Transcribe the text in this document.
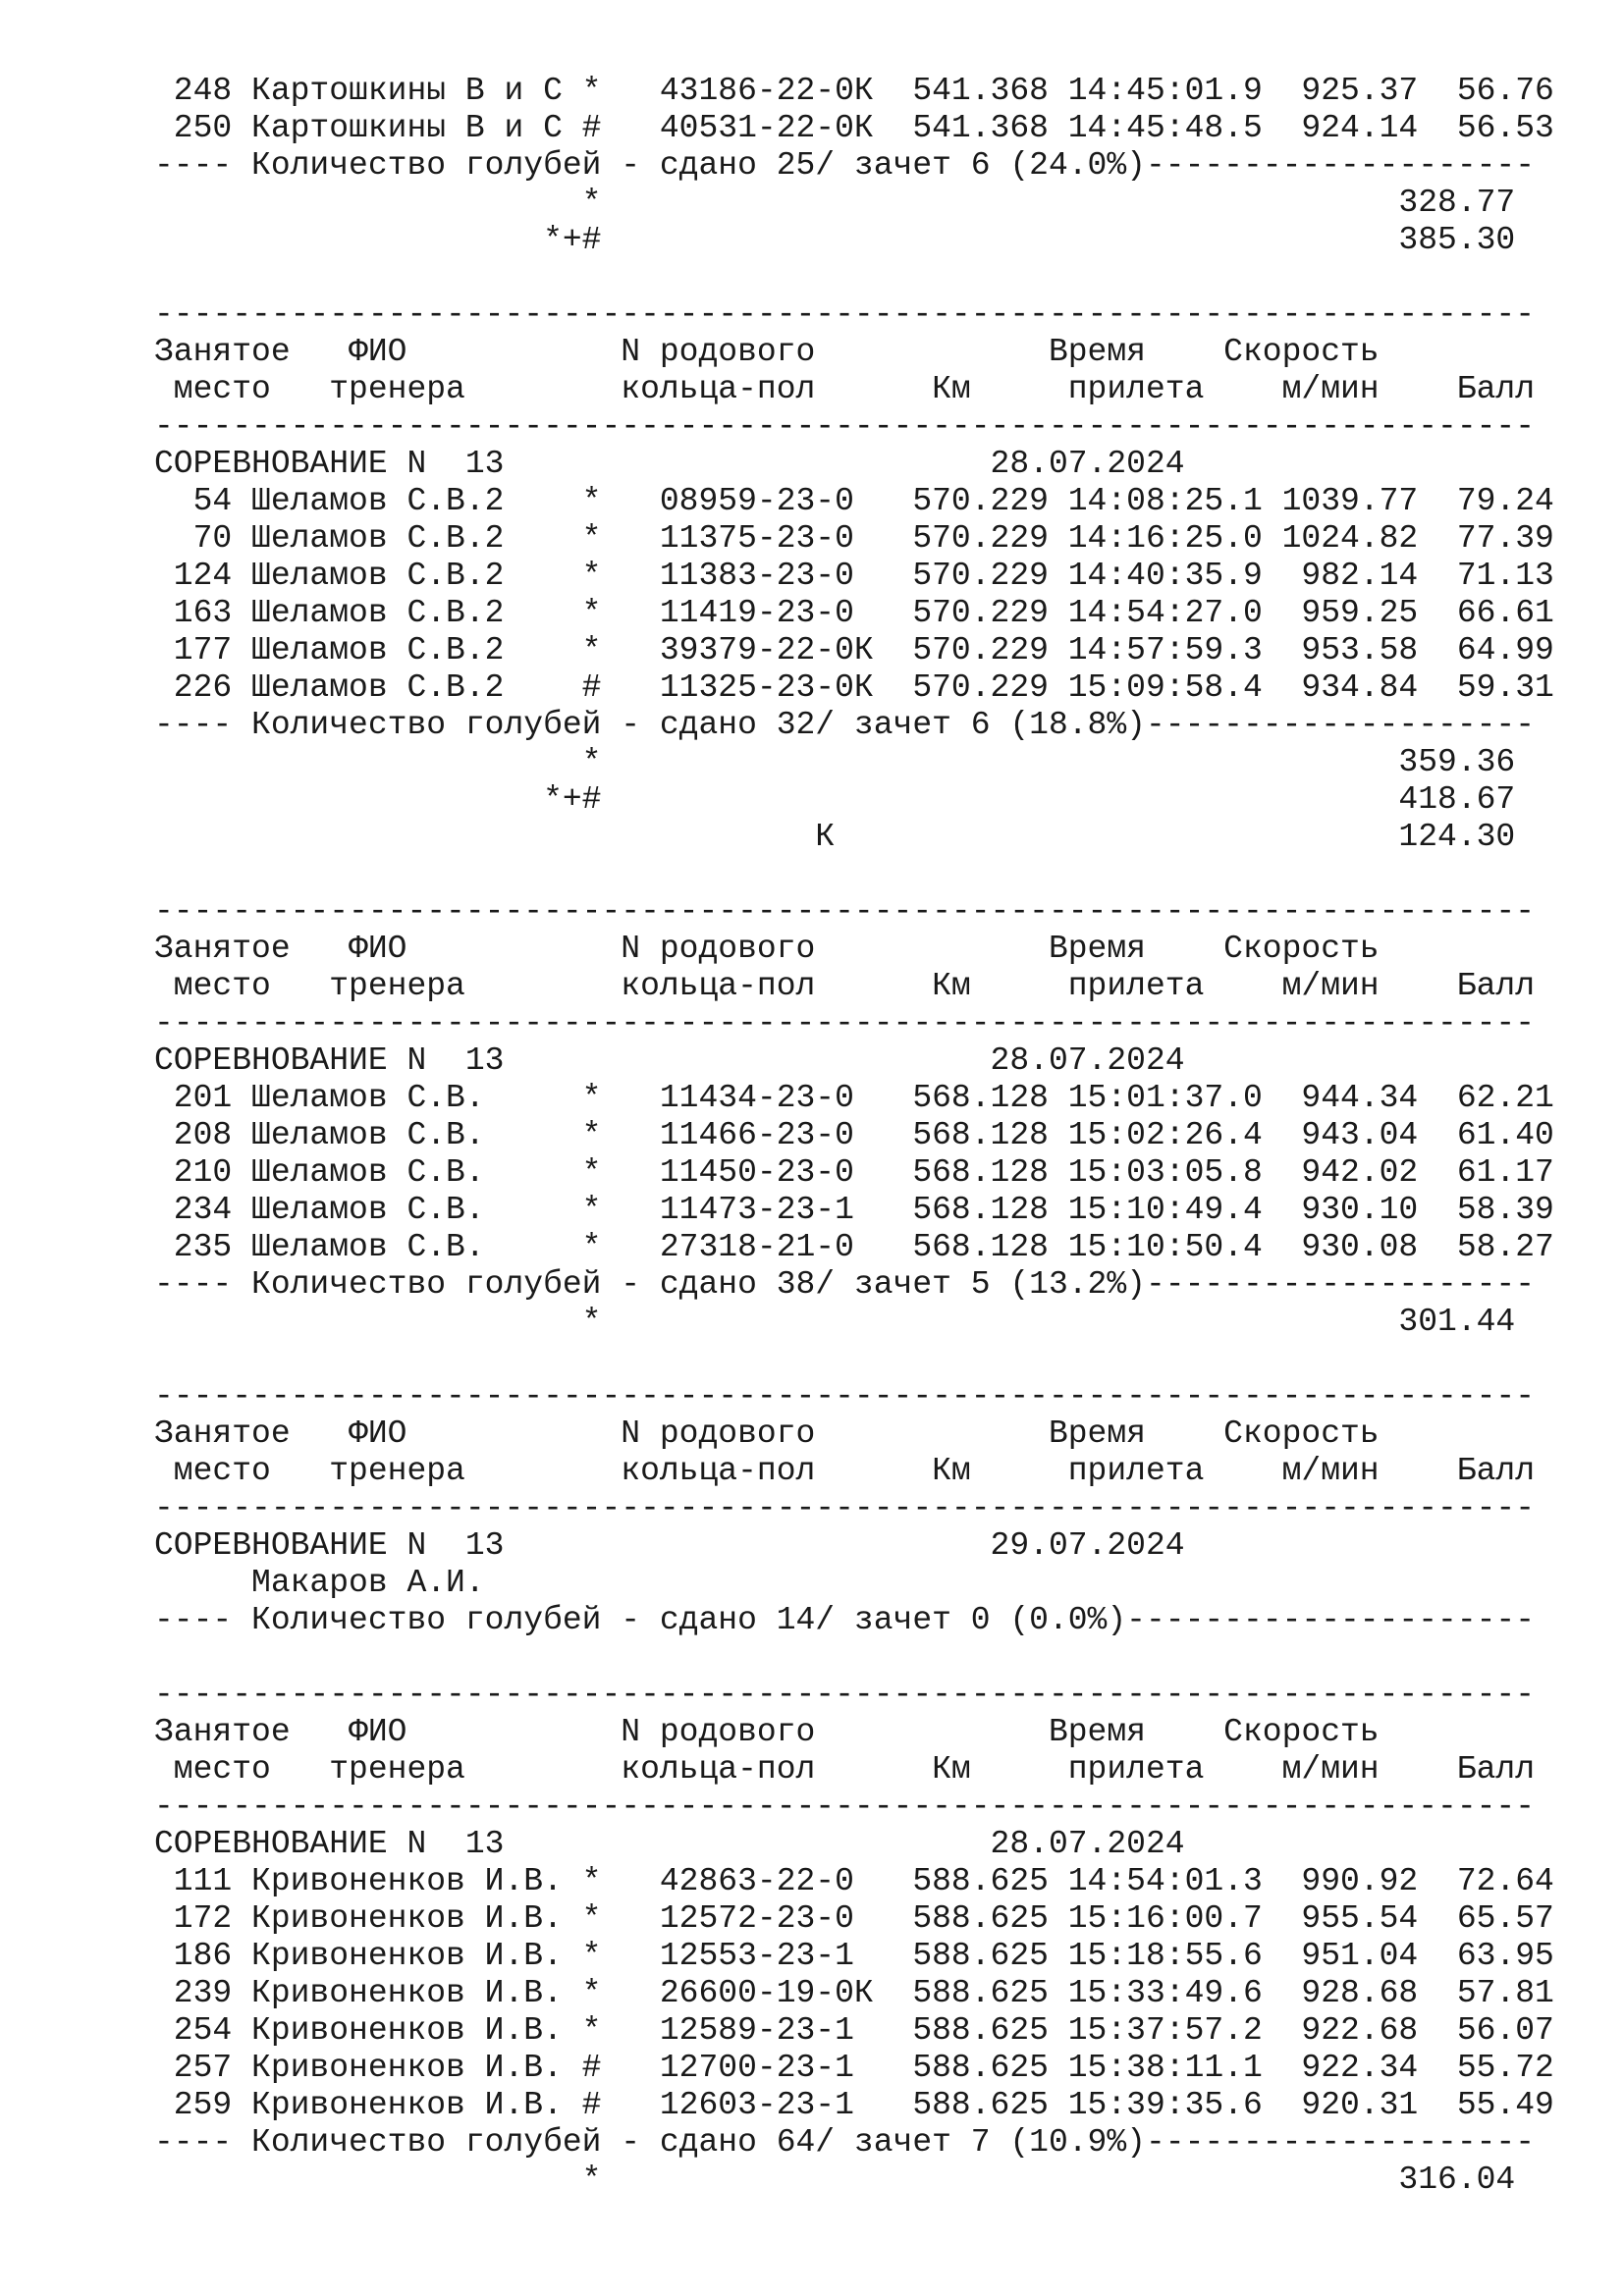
248 Картошкины В и С *   43186-22-0К  541.368 14:45:01.9  925.37  56.76
250 Картошкины В и С #   40531-22-0К  541.368 14:45:48.5  924.14  56.53
---- Количество голубей - сдано 25/ зачет 6 (24.0%)--------------------
*                                         328.77
*+#                                         385.30
-----------------------------------------------------------------------
Занятое   ФИО           N родового            Время    Скорость
место   тренера        кольца-пол      Км     прилета    м/мин    Балл
-----------------------------------------------------------------------
СОРЕВНОВАНИЕ N  13                         28.07.2024
54 Шеламов С.В.2    *   08959-23-0   570.229 14:08:25.1 1039.77  79.24
70 Шеламов С.В.2    *   11375-23-0   570.229 14:16:25.0 1024.82  77.39
124 Шеламов С.В.2    *   11383-23-0   570.229 14:40:35.9  982.14  71.13
163 Шеламов С.В.2    *   11419-23-0   570.229 14:54:27.0  959.25  66.61
177 Шеламов С.В.2    *   39379-22-0К  570.229 14:57:59.3  953.58  64.99
226 Шеламов С.В.2    #   11325-23-0К  570.229 15:09:58.4  934.84  59.31
---- Количество голубей - сдано 32/ зачет 6 (18.8%)--------------------
*                                         359.36
*+#                                         418.67
К                             124.30
-----------------------------------------------------------------------
Занятое   ФИО           N родового            Время    Скорость
место   тренера        кольца-пол      Км     прилета    м/мин    Балл
-----------------------------------------------------------------------
СОРЕВНОВАНИЕ N  13                         28.07.2024
201 Шеламов С.В.     *   11434-23-0   568.128 15:01:37.0  944.34  62.21
208 Шеламов С.В.     *   11466-23-0   568.128 15:02:26.4  943.04  61.40
210 Шеламов С.В.     *   11450-23-0   568.128 15:03:05.8  942.02  61.17
234 Шеламов С.В.     *   11473-23-1   568.128 15:10:49.4  930.10  58.39
235 Шеламов С.В.     *   27318-21-0   568.128 15:10:50.4  930.08  58.27
---- Количество голубей - сдано 38/ зачет 5 (13.2%)--------------------
*                                         301.44
-----------------------------------------------------------------------
Занятое   ФИО           N родового            Время    Скорость
место   тренера        кольца-пол      Км     прилета    м/мин    Балл
-----------------------------------------------------------------------
СОРЕВНОВАНИЕ N  13                         29.07.2024
Макаров А.И.
---- Количество голубей - сдано 14/ зачет 0 (0.0%)---------------------
-----------------------------------------------------------------------
Занятое   ФИО           N родового            Время    Скорость
место   тренера        кольца-пол      Км     прилета    м/мин    Балл
-----------------------------------------------------------------------
СОРЕВНОВАНИЕ N  13                         28.07.2024
111 Кривоненков И.В. *   42863-22-0   588.625 14:54:01.3  990.92  72.64
172 Кривоненков И.В. *   12572-23-0   588.625 15:16:00.7  955.54  65.57
186 Кривоненков И.В. *   12553-23-1   588.625 15:18:55.6  951.04  63.95
239 Кривоненков И.В. *   26600-19-0К  588.625 15:33:49.6  928.68  57.81
254 Кривоненков И.В. *   12589-23-1   588.625 15:37:57.2  922.68  56.07
257 Кривоненков И.В. #   12700-23-1   588.625 15:38:11.1  922.34  55.72
259 Кривоненков И.В. #   12603-23-1   588.625 15:39:35.6  920.31  55.49
---- Количество голубей - сдано 64/ зачет 7 (10.9%)--------------------
*                                         316.04
